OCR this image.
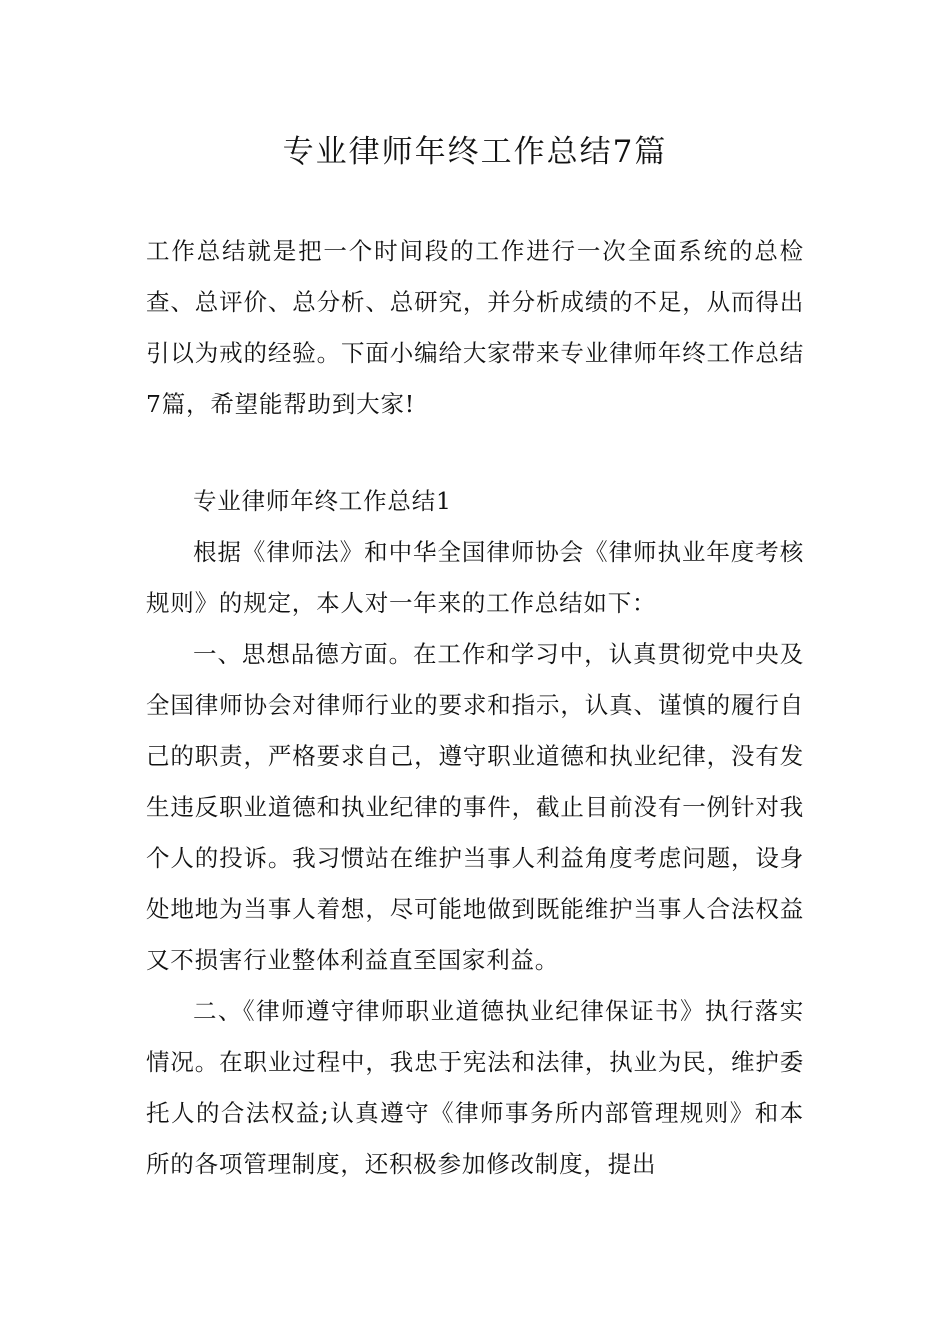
专业律师年终工作总结7篇

工作总结就是把一个时间段的工作进行一次全面系统的总检查、总评价、总分析、总研究，并分析成绩的不足，从而得出引以为戒的经验。下面小编给大家带来专业律师年终工作总结7篇，希望能帮助到大家!

专业律师年终工作总结1

根据《律师法》和中华全国律师协会《律师执业年度考核规则》的规定，本人对一年来的工作总结如下：

一、思想品德方面。在工作和学习中，认真贯彻党中央及全国律师协会对律师行业的要求和指示，认真、谨慎的履行自己的职责，严格要求自己，遵守职业道德和执业纪律，没有发生违反职业道德和执业纪律的事件，截止目前没有一例针对我个人的投诉。我习惯站在维护当事人利益角度考虑问题，设身处地地为当事人着想，尽可能地做到既能维护当事人合法权益又不损害行业整体利益直至国家利益。

二、《律师遵守律师职业道德执业纪律保证书》执行落实情况。在职业过程中，我忠于宪法和法律，执业为民，维护委托人的合法权益;认真遵守《律师事务所内部管理规则》和本所的各项管理制度，还积极参加修改制度，提出
